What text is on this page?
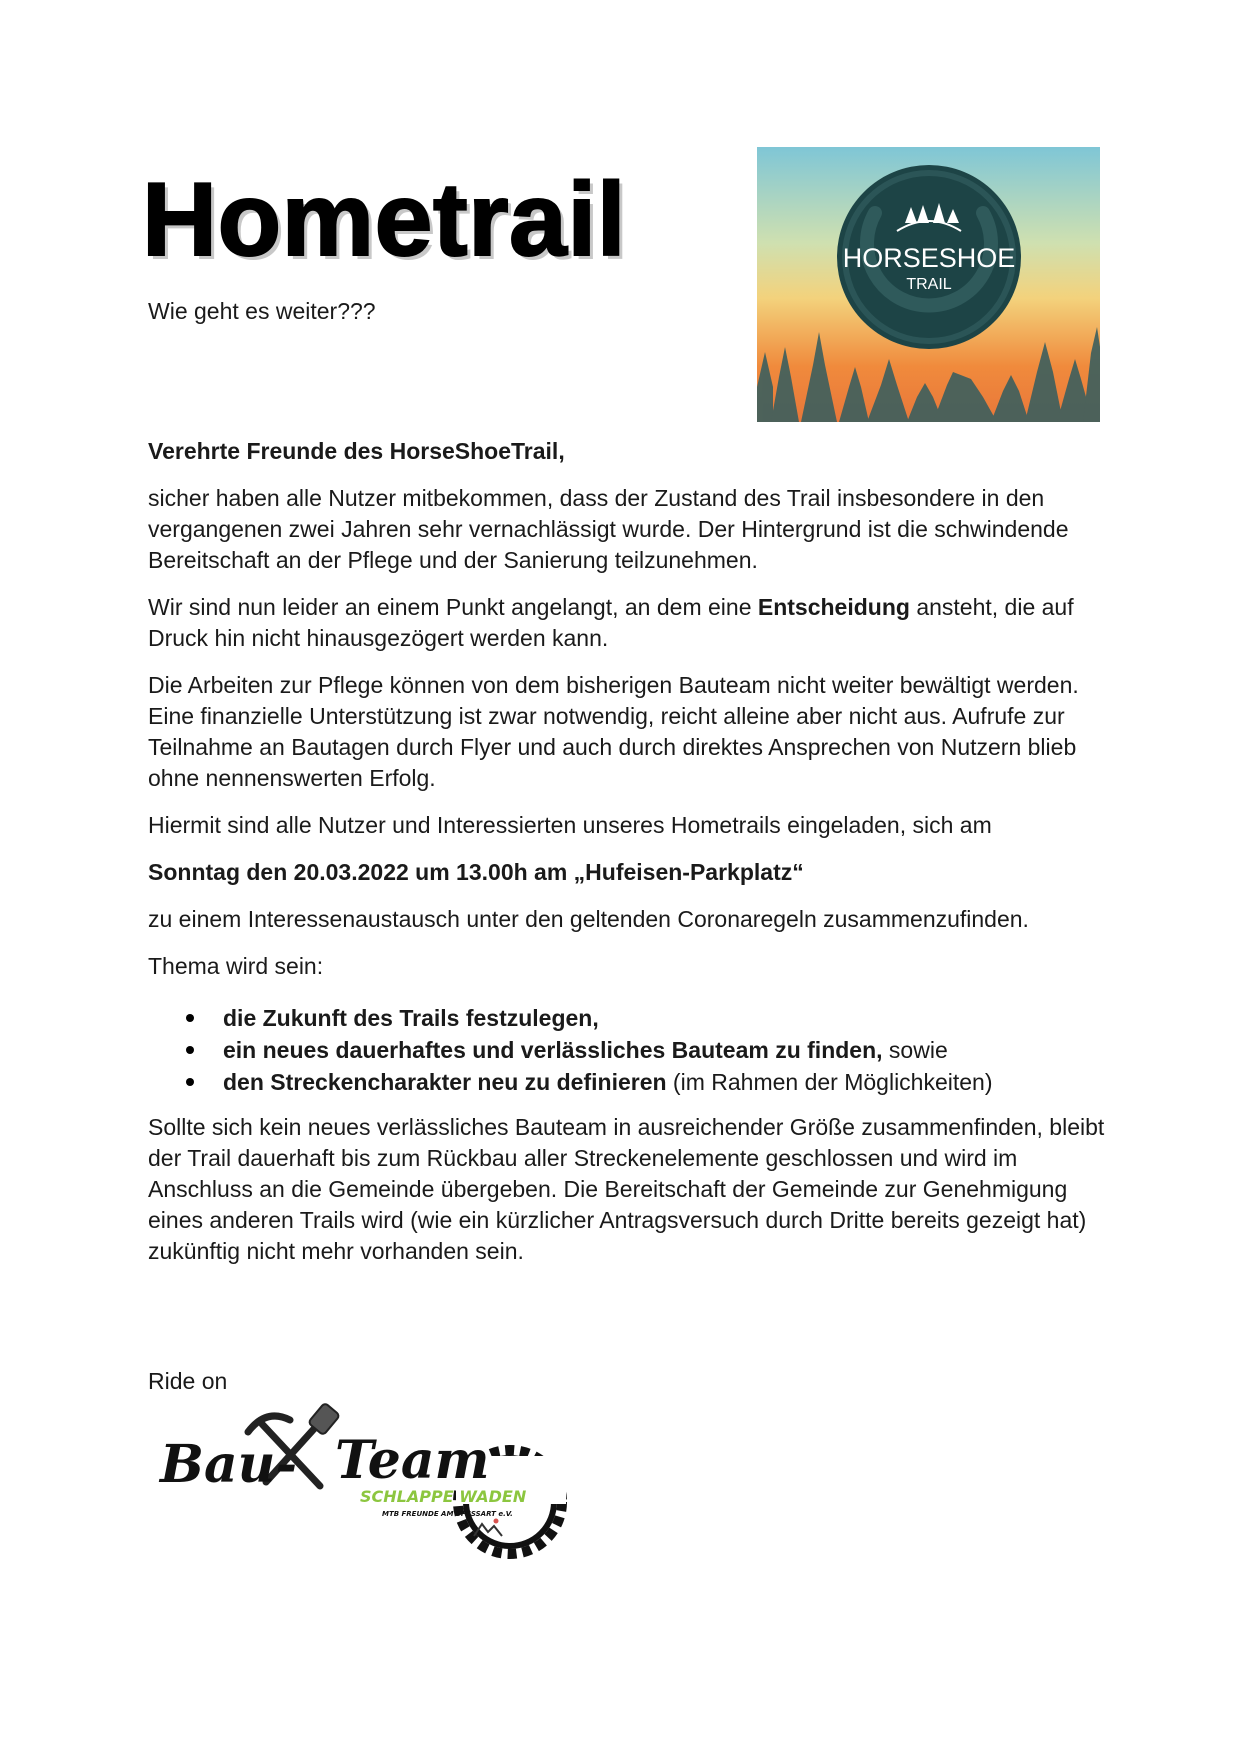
Hometrail
Wie geht es weiter???
HORSESHOE
TRAIL

Verehrte Freunde des HorseShoeTrail,

sicher haben alle Nutzer mitbekommen, dass der Zustand des Trail insbesondere in den vergangenen zwei Jahren sehr vernachlässigt wurde. Der Hintergrund ist die schwindende Bereitschaft an der Pflege und der Sanierung teilzunehmen.

Wir sind nun leider an einem Punkt angelangt, an dem eine Entscheidung ansteht, die auf Druck hin nicht hinausgezögert werden kann.

Die Arbeiten zur Pflege können von dem bisherigen Bauteam nicht weiter bewältigt werden. Eine finanzielle Unterstützung ist zwar notwendig, reicht alleine aber nicht aus. Aufrufe zur Teilnahme an Bautagen durch Flyer und auch durch direktes Ansprechen von Nutzern blieb ohne nennenswerten Erfolg.

Hiermit sind alle Nutzer und Interessierten unseres Hometrails eingeladen, sich am

Sonntag den 20.03.2022 um 13.00h am „Hufeisen-Parkplatz“

zu einem Interessenaustausch unter den geltenden Coronaregeln zusammenzufinden.

Thema wird sein:

die Zukunft des Trails festzulegen,
ein neues dauerhaftes und verlässliches Bauteam zu finden, sowie
den Streckencharakter neu zu definieren (im Rahmen der Möglichkeiten)

Sollte sich kein neues verlässliches Bauteam in ausreichender Größe zusammenfinden, bleibt der Trail dauerhaft bis zum Rückbau aller Streckenelemente geschlossen und wird im Anschluss an die Gemeinde übergeben. Die Bereitschaft der Gemeinde zur Genehmigung eines anderen Trails wird (wie ein kürzlicher Antragsversuch durch Dritte bereits gezeigt hat) zukünftig nicht mehr vorhanden sein.

Ride on
Bau- Team
SCHLAPPE WADEN
MTB FREUNDE AM SPESSART e.V.
